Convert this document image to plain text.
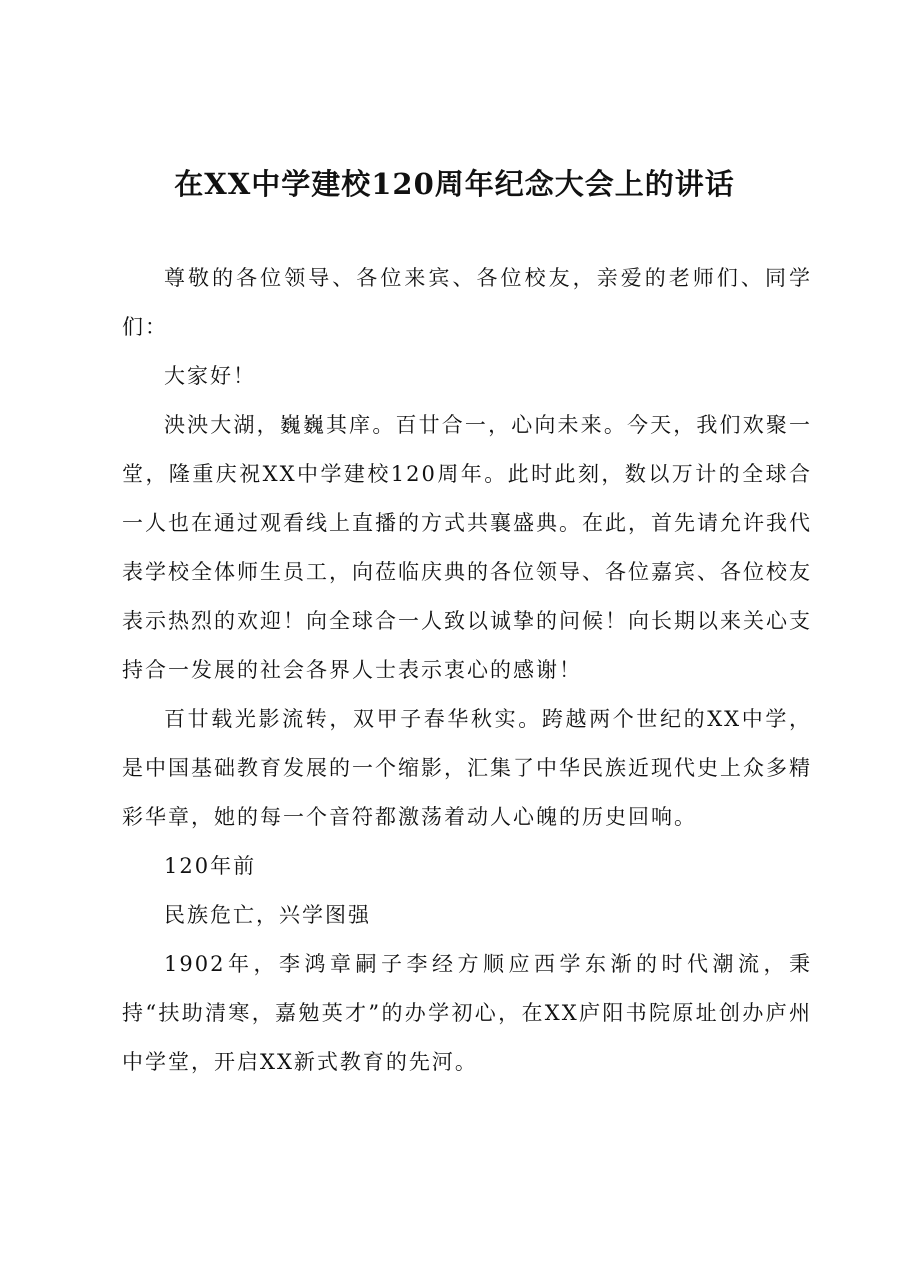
在XX中学建校120周年纪念大会上的讲话

尊敬的各位领导、各位来宾、各位校友，亲爱的老师们、同学们：

大家好！

泱泱大湖，巍巍其庠。百廿合一，心向未来。今天，我们欢聚一堂，隆重庆祝XX中学建校120周年。此时此刻，数以万计的全球合一人也在通过观看线上直播的方式共襄盛典。在此，首先请允许我代表学校全体师生员工，向莅临庆典的各位领导、各位嘉宾、各位校友表示热烈的欢迎！向全球合一人致以诚挚的问候！向长期以来关心支持合一发展的社会各界人士表示衷心的感谢！

百廿载光影流转，双甲子春华秋实。跨越两个世纪的XX中学，是中国基础教育发展的一个缩影，汇集了中华民族近现代史上众多精彩华章，她的每一个音符都激荡着动人心魄的历史回响。

120年前

民族危亡，兴学图强

1902年，李鸿章嗣子李经方顺应西学东渐的时代潮流，秉持“扶助清寒，嘉勉英才”的办学初心，在XX庐阳书院原址创办庐州中学堂，开启XX新式教育的先河。
